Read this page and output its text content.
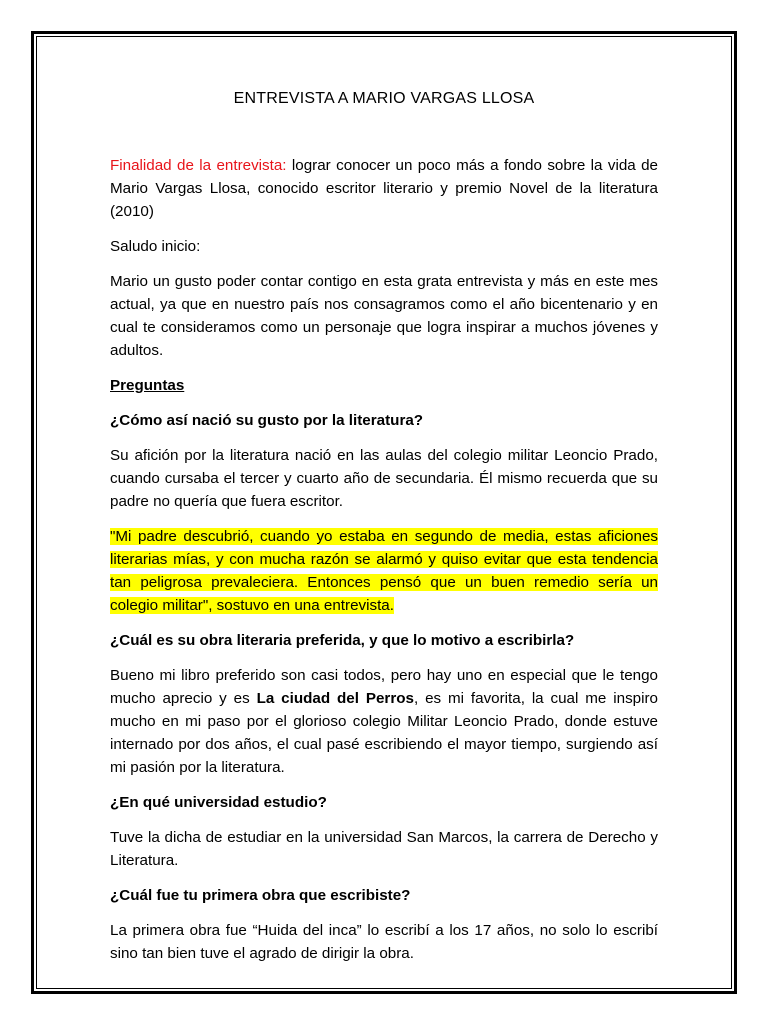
ENTREVISTA A MARIO VARGAS LLOSA

Finalidad de la entrevista: lograr conocer un poco más a fondo sobre la vida de Mario Vargas Llosa, conocido escritor literario y premio Novel de la literatura (2010)

Saludo inicio:

Mario un gusto poder contar contigo en esta grata entrevista y más en este mes actual, ya que en nuestro país nos consagramos como el año bicentenario y en cual te consideramos como un personaje que logra inspirar a muchos jóvenes y adultos.

Preguntas

¿Cómo así nació su gusto por la literatura?

Su afición por la literatura nació en las aulas del colegio militar Leoncio Prado, cuando cursaba el tercer y cuarto año de secundaria. Él mismo recuerda que su padre no quería que fuera escritor.

"Mi padre descubrió, cuando yo estaba en segundo de media, estas aficiones literarias mías, y con mucha razón se alarmó y quiso evitar que esta tendencia tan peligrosa prevaleciera. Entonces pensó que un buen remedio sería un colegio militar", sostuvo en una entrevista.

¿Cuál es su obra literaria preferida, y que lo motivo a escribirla?

Bueno mi libro preferido son casi todos, pero hay uno en especial que le tengo mucho aprecio y es La ciudad del Perros, es mi favorita, la cual me inspiro mucho en mi paso por el glorioso colegio Militar Leoncio Prado, donde estuve internado por dos años, el cual pasé escribiendo el mayor tiempo, surgiendo así mi pasión por la literatura.

¿En qué universidad estudio?

Tuve la dicha de estudiar en la universidad San Marcos, la carrera de Derecho y Literatura.

¿Cuál fue tu primera obra que escribiste?

La primera obra fue “Huida del inca” lo escribí a los 17 años, no solo lo escribí sino tan bien tuve el agrado de dirigir la obra.
